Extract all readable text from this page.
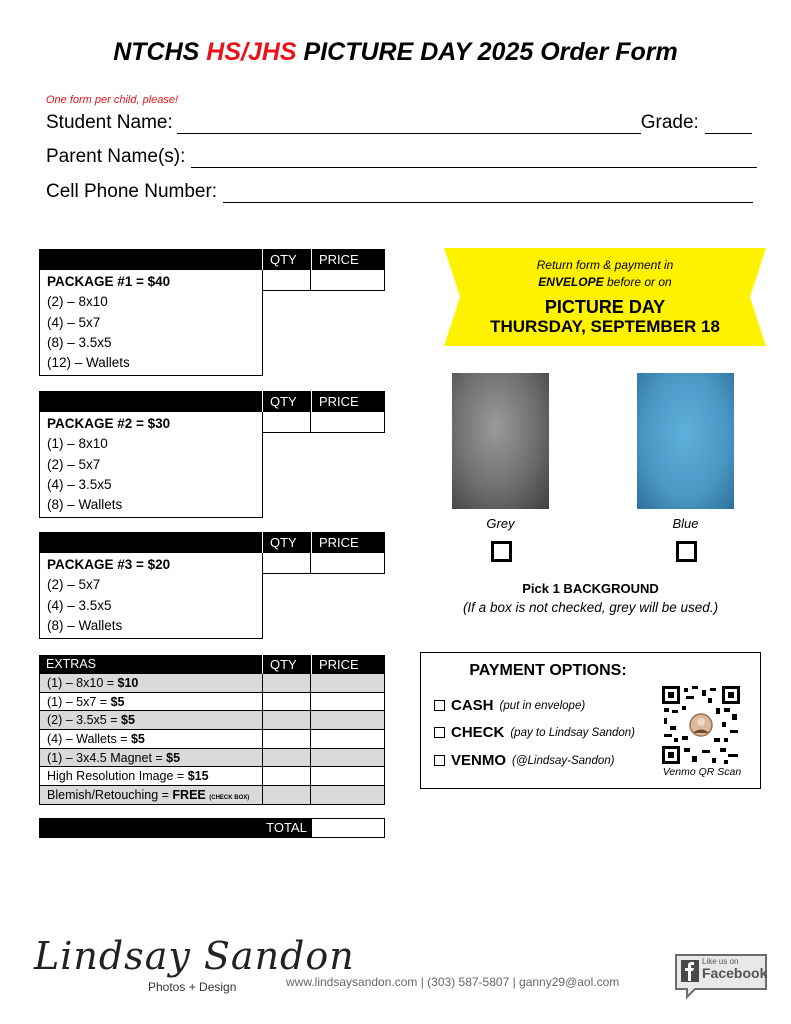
NTCHS HS/JHS PICTURE DAY 2025 Order Form
One form per child, please!
Student Name:	Grade:
Parent Name(s):
Cell Phone Number:
QTY	PRICE
PACKAGE #1 = $40
(2) – 8x10
(4) – 5x7
(8) – 3.5x5
(12) – Wallets
QTY	PRICE
PACKAGE #2 = $30
(1) – 8x10
(2) – 5x7
(4) – 3.5x5
(8) – Wallets
QTY	PRICE
PACKAGE #3 = $20
(2) – 5x7
(4) – 3.5x5
(8) – Wallets
EXTRAS	QTY	PRICE
(1) – 8x10 = $10
(1) – 5x7 = $5
(2) – 3.5x5 = $5
(4) – Wallets = $5
(1) – 3x4.5 Magnet = $5
High Resolution Image = $15
Blemish/Retouching = FREE (CHECK BOX)
TOTAL
Return form & payment in
ENVELOPE before or on
PICTURE DAY
THURSDAY, SEPTEMBER 18
Grey	Blue
Pick 1 BACKGROUND
(If a box is not checked, grey will be used.)
PAYMENT OPTIONS:
CASH (put in envelope)
CHECK (pay to Lindsay Sandon)
VENMO (@Lindsay-Sandon)
Venmo QR Scan
Lindsay Sandon
Photos + Design	www.lindsaysandon.com | (303) 587-5807 | ganny29@aol.com
Like us on
Facebook
